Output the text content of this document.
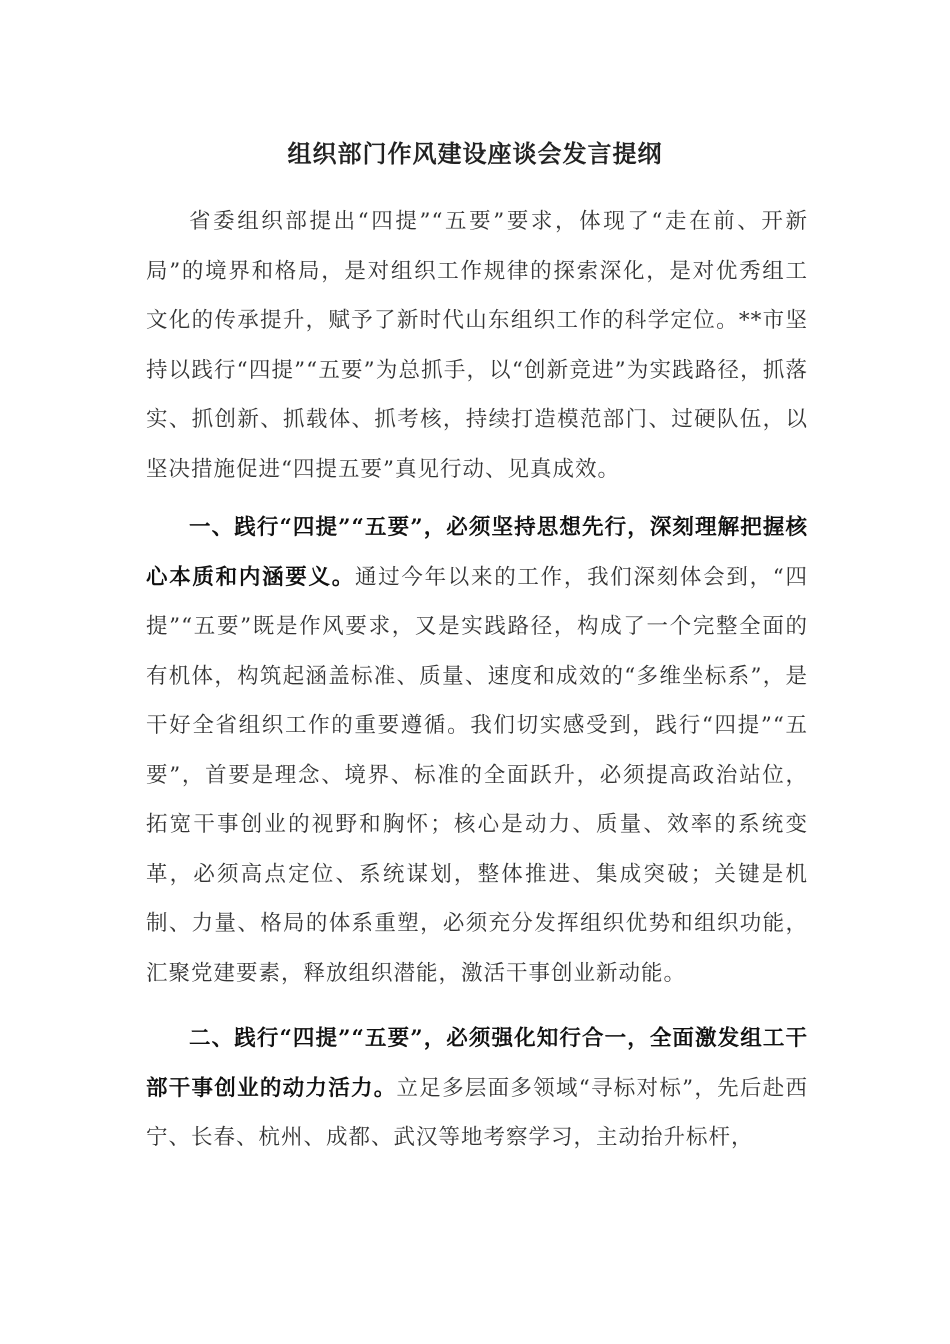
组织部门作风建设座谈会发言提纲

省委组织部提出“四提”“五要”要求，体现了“走在前、开新局”的境界和格局，是对组织工作规律的探索深化，是对优秀组工文化的传承提升，赋予了新时代山东组织工作的科学定位。**市坚持以践行“四提”“五要”为总抓手，以“创新竞进”为实践路径，抓落实、抓创新、抓载体、抓考核，持续打造模范部门、过硬队伍，以坚决措施促进“四提五要”真见行动、见真成效。

一、践行“四提”“五要”，必须坚持思想先行，深刻理解把握核心本质和内涵要义。通过今年以来的工作，我们深刻体会到，“四提”“五要”既是作风要求，又是实践路径，构成了一个完整全面的有机体，构筑起涵盖标准、质量、速度和成效的“多维坐标系”，是干好全省组织工作的重要遵循。我们切实感受到，践行“四提”“五要”，首要是理念、境界、标准的全面跃升，必须提高政治站位，拓宽干事创业的视野和胸怀；核心是动力、质量、效率的系统变革，必须高点定位、系统谋划，整体推进、集成突破；关键是机制、力量、格局的体系重塑，必须充分发挥组织优势和组织功能，汇聚党建要素，释放组织潜能，激活干事创业新动能。

二、践行“四提”“五要”，必须强化知行合一，全面激发组工干部干事创业的动力活力。立足多层面多领域“寻标对标”，先后赴西宁、长春、杭州、成都、武汉等地考察学习，主动抬升标杆，
